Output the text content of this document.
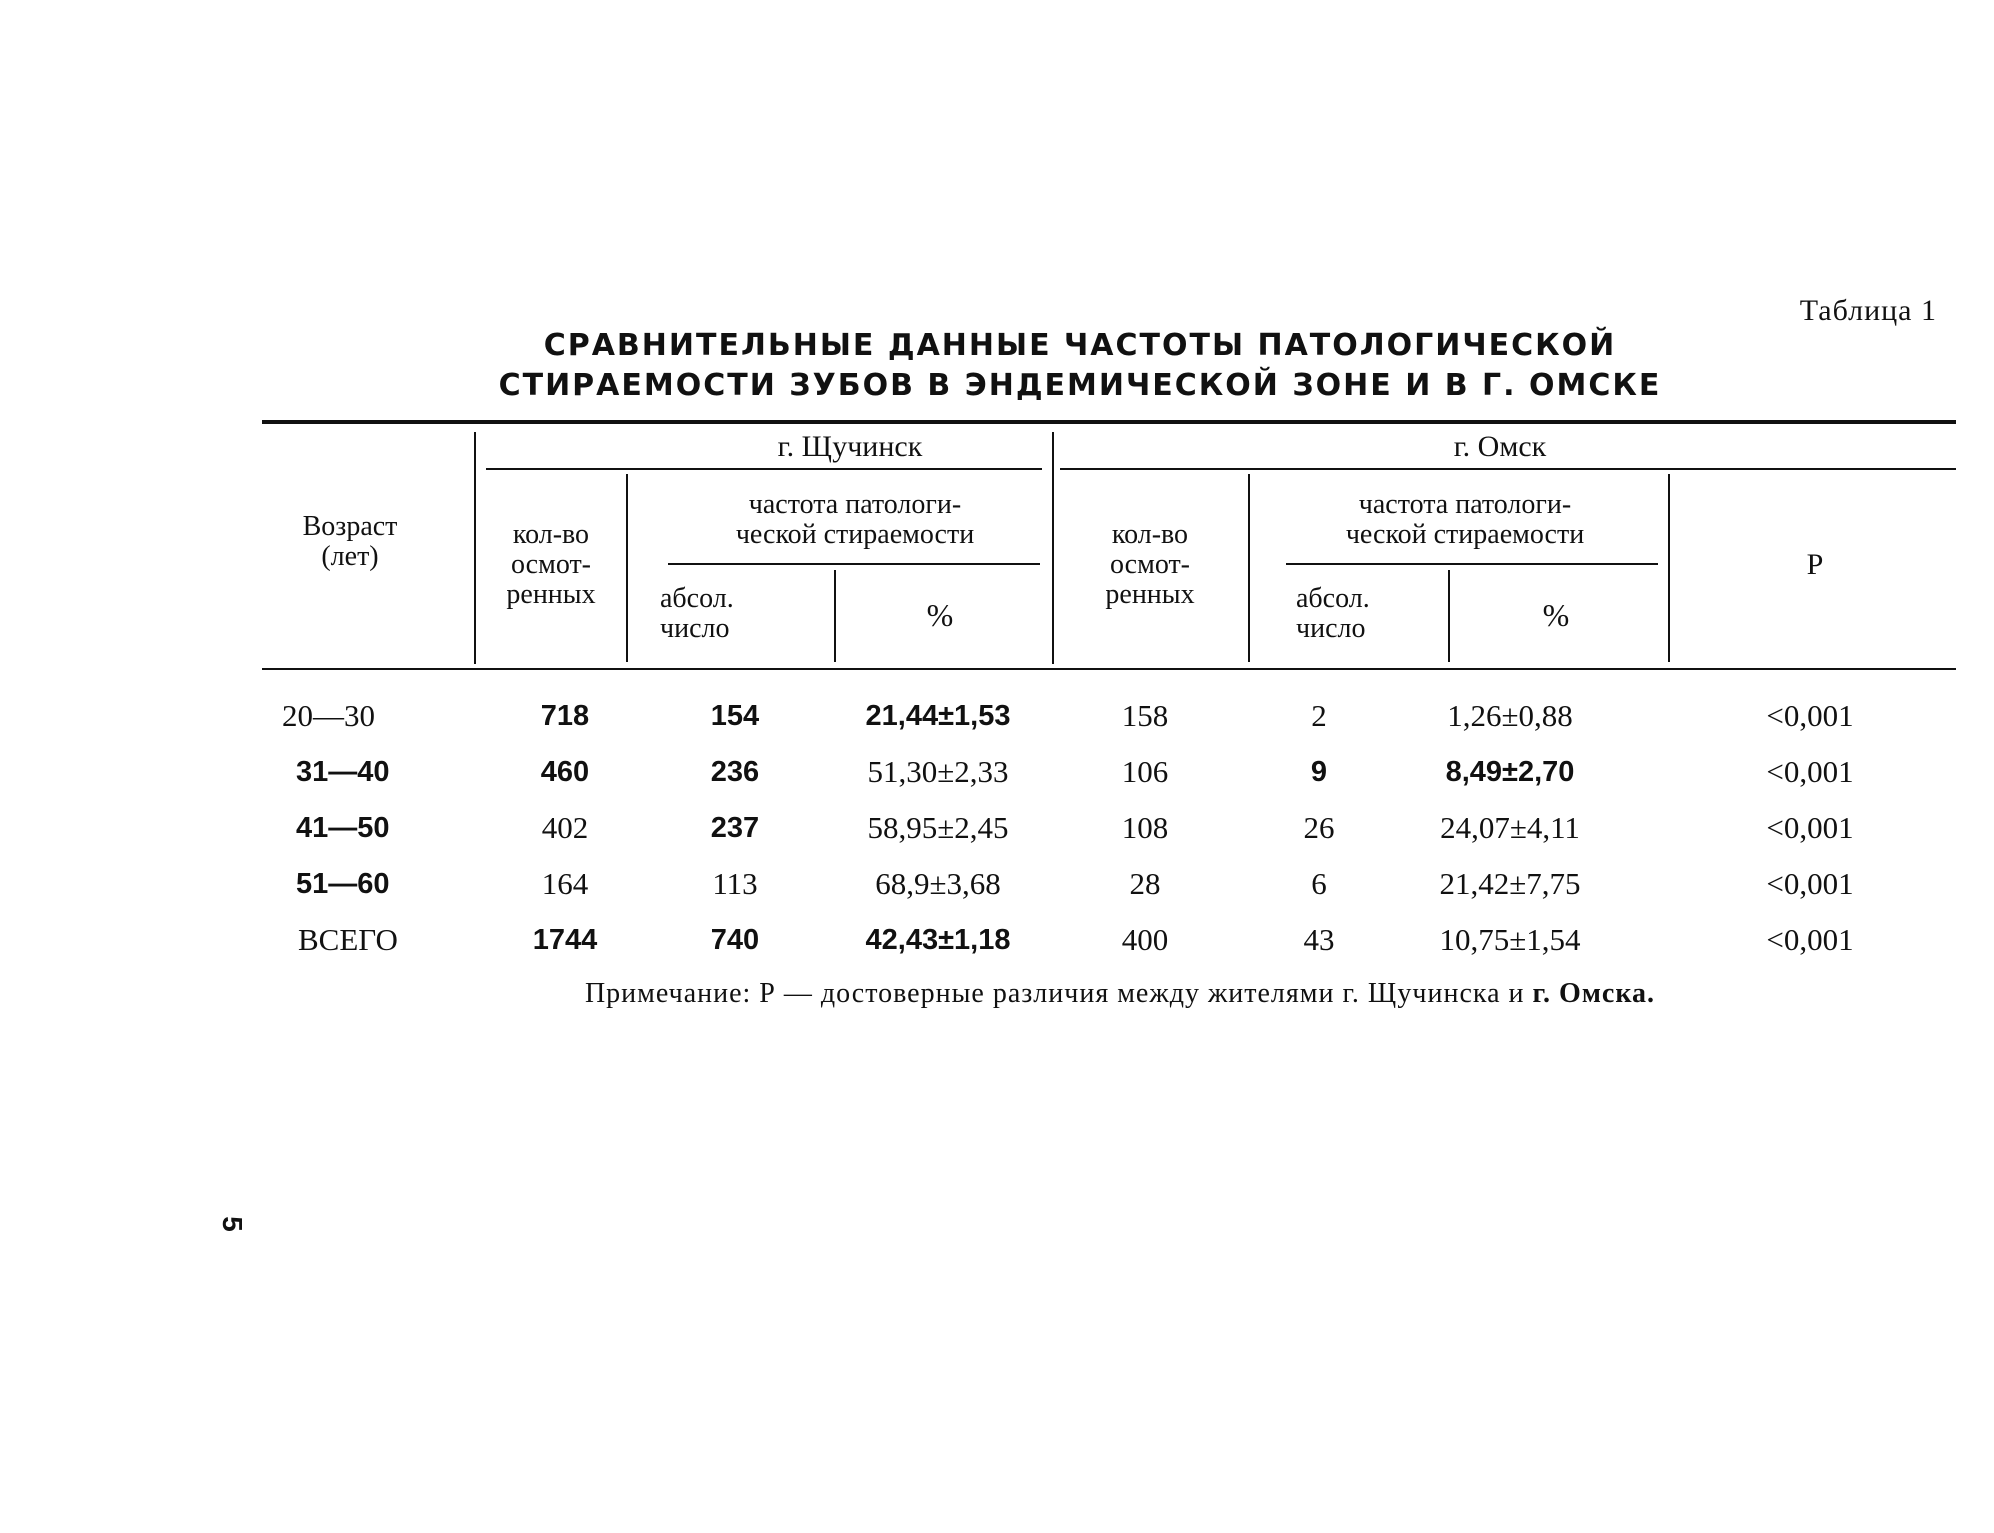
Таблица 1
СРАВНИТЕЛЬНЫЕ ДАННЫЕ ЧАСТОТЫ ПАТОЛОГИЧЕСКОЙ
СТИРАЕМОСТИ ЗУБОВ В ЭНДЕМИЧЕСКОЙ ЗОНЕ И В Г. ОМСКЕ
Возраст
(лет)
г. Щучинск	г. Омск
кол-во
осмот-
ренных
частота патологи-
ческой стираемости
абсол.
число	%
кол-во
осмот-
ренных
частота патологи-
ческой стираемости
абсол.
число	%
P
20—30	718	154	21,44±1,53	158	2	1,26±0,88	<0,001
31—40	460	236	51,30±2,33	106	9	8,49±2,70	<0,001
41—50	402	237	58,95±2,45	108	26	24,07±4,11	<0,001
51—60	164	113	68,9±3,68	28	6	21,42±7,75	<0,001
ВСЕГО	1744	740	42,43±1,18	400	43	10,75±1,54	<0,001
Примечание: Р — достоверные различия между жителями г. Щучинска и г. Омска.
5
